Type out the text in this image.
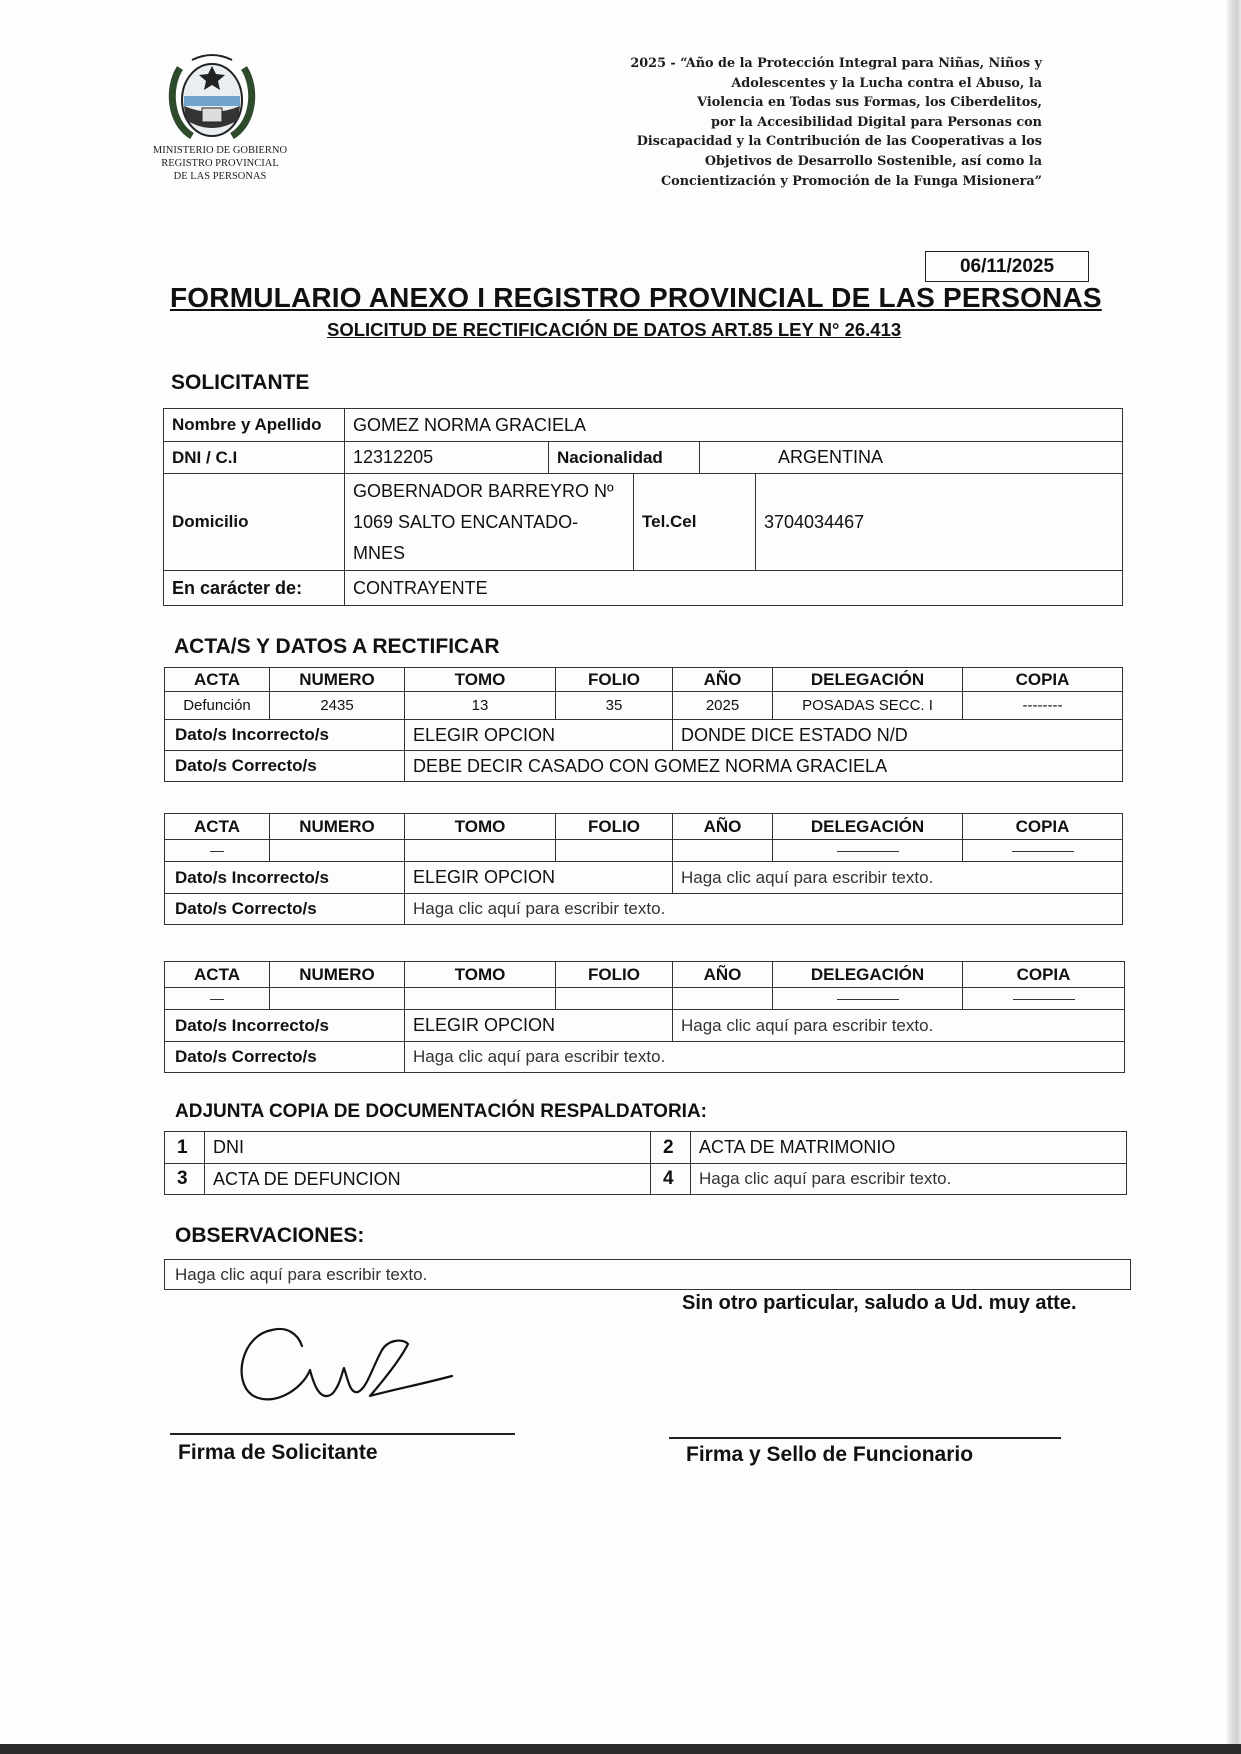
MINISTERIO DE GOBIERNO
REGISTRO PROVINCIAL
DE LAS PERSONAS
2025 - “Año de la Protección Integral para Niñas, Niños y
Adolescentes y la Lucha contra el Abuso, la
Violencia en Todas sus Formas, los Ciberdelitos,
por la Accesibilidad Digital para Personas con
Discapacidad y la Contribución de las Cooperativas a los
Objetivos de Desarrollo Sostenible, así como la
Concientización y Promoción de la Funga Misionera”
06/11/2025
FORMULARIO ANEXO I REGISTRO PROVINCIAL DE LAS PERSONAS
SOLICITUD DE RECTIFICACIÓN DE DATOS ART.85 LEY N° 26.413
SOLICITANTE
Nombre y Apellido	GOMEZ NORMA GRACIELA				
DNI / C.I	12312205	Nacionalidad		ARGENTINA	
Domicilio	GOBERNADOR BARREYRO Nº
1069 SALTO ENCANTADO-
MNES		Tel.Cel		3704034467
En carácter de:	CONTRAYENTE				
ACTA/S Y DATOS A RECTIFICAR
ACTA	NUMERO	TOMO	FOLIO	AÑO	DELEGACIÓN	COPIA
Defunción	2435	13	35	2025	POSADAS SECC. I	--------
Dato/s Incorrecto/s		ELEGIR OPCION		DONDE DICE ESTADO N/D		
Dato/s Correcto/s		DEBE DECIR CASADO CON GOMEZ NORMA GRACIELA				
ACTA	NUMERO	TOMO	FOLIO	AÑO	DELEGACIÓN	COPIA

Dato/s Incorrecto/s		ELEGIR OPCION		Haga clic aquí para escribir texto.		
Dato/s Correcto/s		Haga clic aquí para escribir texto.				
ACTA	NUMERO	TOMO	FOLIO	AÑO	DELEGACIÓN	COPIA

Dato/s Incorrecto/s		ELEGIR OPCION		Haga clic aquí para escribir texto.		
Dato/s Correcto/s		Haga clic aquí para escribir texto.				
ADJUNTA COPIA DE DOCUMENTACIÓN RESPALDATORIA:
1	DNI	2	ACTA DE MATRIMONIO
3	ACTA DE DEFUNCION	4	Haga clic aquí para escribir texto.
OBSERVACIONES:
Haga clic aquí para escribir texto.
Sin otro particular, saludo a Ud. muy atte.
Firma de Solicitante	Firma y Sello de Funcionario
